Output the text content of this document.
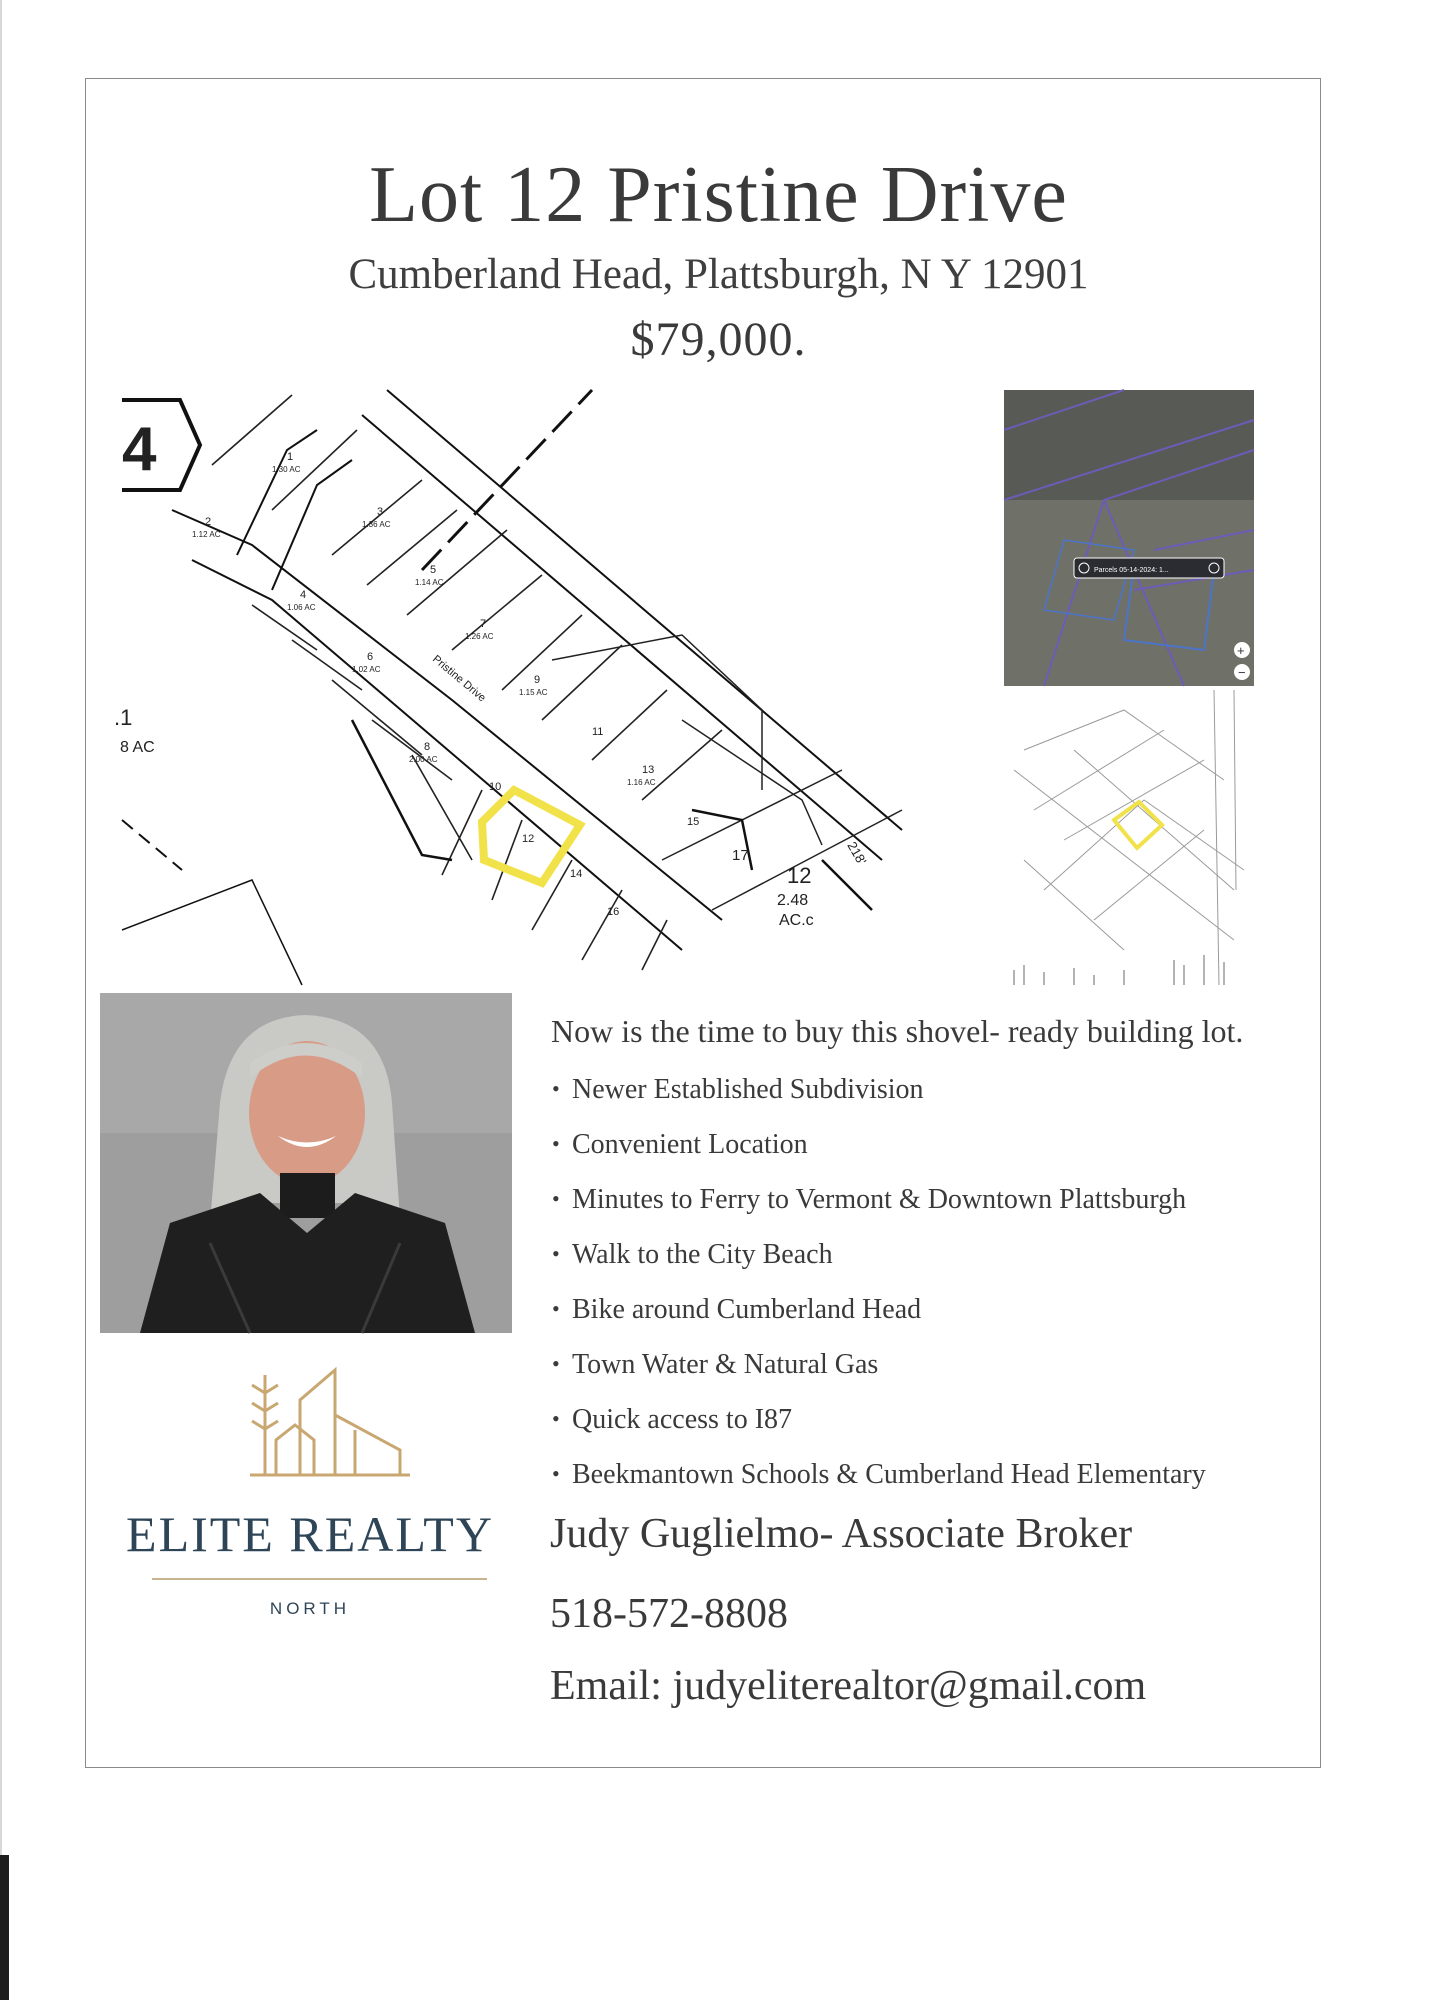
Lot 12 Pristine Drive
Cumberland Head, Plattsburgh, N Y 12901
$79,000.
4	1
1.30 AC
2
1.12 AC
3
1.36 AC
4
1.06 AC
5
1.14 AC
6
1.02 AC
7
1.26 AC
8
2.00 AC
9
1.15 AC
10
11
12
13
1.16 AC
14
15
16
17
Pristine Drive
.1
8 AC
12
2.48
AC.c
218'
Parcels 05-14-2024: 1...
+
−
ELITE REALTY
NORTH
Now is the time to buy this shovel- ready building lot.
• Newer Established Subdivision
• Convenient Location
• Minutes to Ferry to Vermont & Downtown Plattsburgh
• Walk to the City Beach
• Bike around Cumberland Head
• Town Water & Natural Gas
• Quick access to I87
• Beekmantown Schools & Cumberland Head Elementary
Judy Guglielmo- Associate Broker
518-572-8808
Email: judyeliterealtor@gmail.com
